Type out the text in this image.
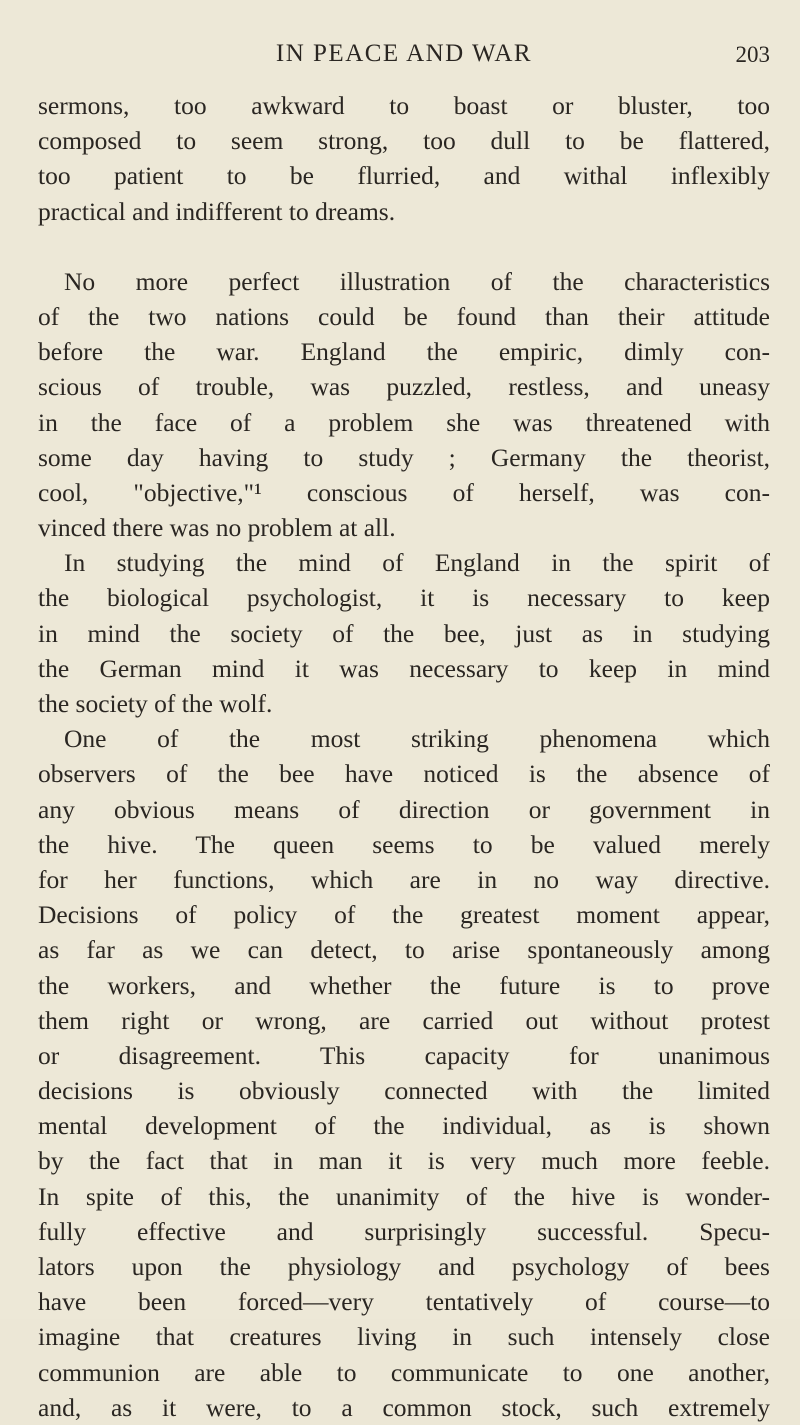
IN PEACE AND WAR	203
sermons, too awkward to boast or bluster, too
composed to seem strong, too dull to be flattered,
too patient to be flurried, and withal inflexibly
practical and indifferent to dreams.
No more perfect illustration of the characteristics
of the two nations could be found than their attitude
before the war. England the empiric, dimly con-
scious of trouble, was puzzled, restless, and uneasy
in the face of a problem she was threatened with
some day having to study ; Germany the theorist,
cool, "objective,"¹ conscious of herself, was con-
vinced there was no problem at all.
In studying the mind of England in the spirit of
the biological psychologist, it is necessary to keep
in mind the society of the bee, just as in studying
the German mind it was necessary to keep in mind
the society of the wolf.
One of the most striking phenomena which
observers of the bee have noticed is the absence of
any obvious means of direction or government in
the hive. The queen seems to be valued merely
for her functions, which are in no way directive.
Decisions of policy of the greatest moment appear,
as far as we can detect, to arise spontaneously among
the workers, and whether the future is to prove
them right or wrong, are carried out without protest
or disagreement. This capacity for unanimous
decisions is obviously connected with the limited
mental development of the individual, as is shown
by the fact that in man it is very much more feeble.
In spite of this, the unanimity of the hive is wonder-
fully effective and surprisingly successful. Specu-
lators upon the physiology and psychology of bees
have been forced—very tentatively of course—to
imagine that creatures living in such intensely close
communion are able to communicate to one another,
and, as it were, to a common stock, such extremely
